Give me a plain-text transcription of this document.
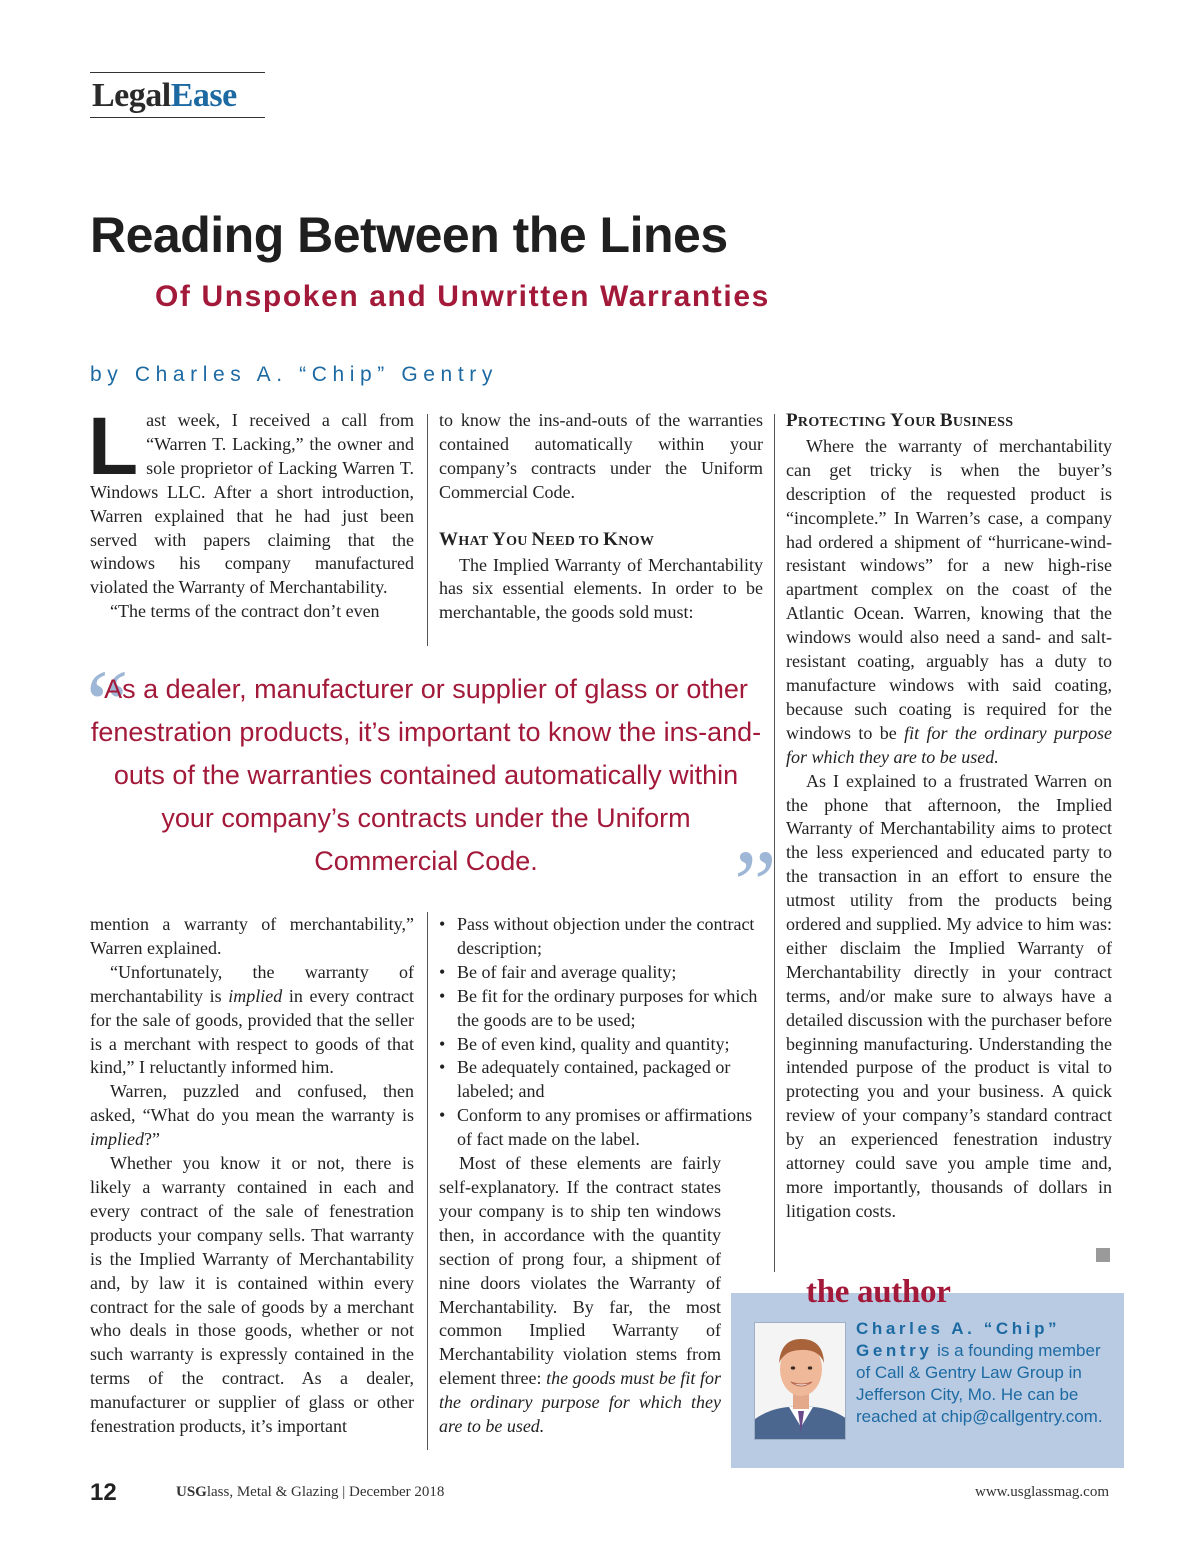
LegalEase
Reading Between the Lines
Of Unspoken and Unwritten Warranties
by Charles A. “Chip” Gentry
L ast week, I received a call from “Warren T. Lacking,” the owner and sole proprietor of Lacking Warren T. Windows LLC. After a short introduction, Warren explained that he had just been served with papers claiming that the windows his company manufactured violated the Warranty of Merchantability.

“The terms of the contract don’t even

to know the ins-and-outs of the warranties contained automatically within your company’s contracts under the Uniform Commercial Code.

WHAT YOU NEED TO KNOW

The Implied Warranty of Merchantability has six essential elements. In order to be merchantable, the goods sold must:

“
As a dealer, manufacturer or supplier of glass or other fenestration products, it’s important to know the ins-and-outs of the warranties contained automatically within your company’s contracts under the Uniform Commercial Code.	”

mention a warranty of merchantability,” Warren explained.

“Unfortunately, the warranty of merchantability is implied in every contract for the sale of goods, provided that the seller is a merchant with respect to goods of that kind,” I reluctantly informed him.

Warren, puzzled and confused, then asked, “What do you mean the warranty is implied?”

Whether you know it or not, there is likely a warranty contained in each and every contract of the sale of fenestration products your company sells. That warranty is the Implied Warranty of Merchantability and, by law it is contained within every contract for the sale of goods by a merchant who deals in those goods, whether or not such warranty is expressly contained in the terms of the contract. As a dealer, manufacturer or supplier of glass or other fenestration products, it’s important

• Pass without objection under the contract description;
• Be of fair and average quality;
• Be fit for the ordinary purposes for which the goods are to be used;
• Be of even kind, quality and quantity;
• Be adequately contained, packaged or labeled; and
• Conform to any promises or affirmations of fact made on the label.

Most of these elements are fairly self-explanatory. If the contract states your company is to ship ten windows then, in accordance with the quantity section of prong four, a shipment of nine doors violates the Warranty of Merchantability. By far, the most common Implied Warranty of Merchantability violation stems from element three: the goods must be fit for the ordinary purpose for which they are to be used.

PROTECTING YOUR BUSINESS

Where the warranty of merchantability can get tricky is when the buyer’s description of the requested product is “incomplete.” In Warren’s case, a company had ordered a shipment of “hurricane-wind-resistant windows” for a new high-rise apartment complex on the coast of the Atlantic Ocean. Warren, knowing that the windows would also need a sand- and salt-resistant coating, arguably has a duty to manufacture windows with said coating, because such coating is required for the windows to be fit for the ordinary purpose for which they are to be used.

As I explained to a frustrated Warren on the phone that afternoon, the Implied Warranty of Merchantability aims to protect the less experienced and educated party to the transaction in an effort to ensure the utmost utility from the products being ordered and supplied. My advice to him was: either disclaim the Implied Warranty of Merchantability directly in your contract terms, and/or make sure to always have a detailed discussion with the purchaser before beginning manufacturing. Understanding the intended purpose of the product is vital to protecting you and your business. A quick review of your company’s standard contract by an experienced fenestration industry attorney could save you ample time and, more importantly, thousands of dollars in litigation costs.

the author
Charles A. “Chip” Gentry is a founding member of Call & Gentry Law Group in Jefferson City, Mo. He can be reached at chip@callgentry.com.
12	USGlass, Metal & Glazing | December 2018	www.usglassmag.com
